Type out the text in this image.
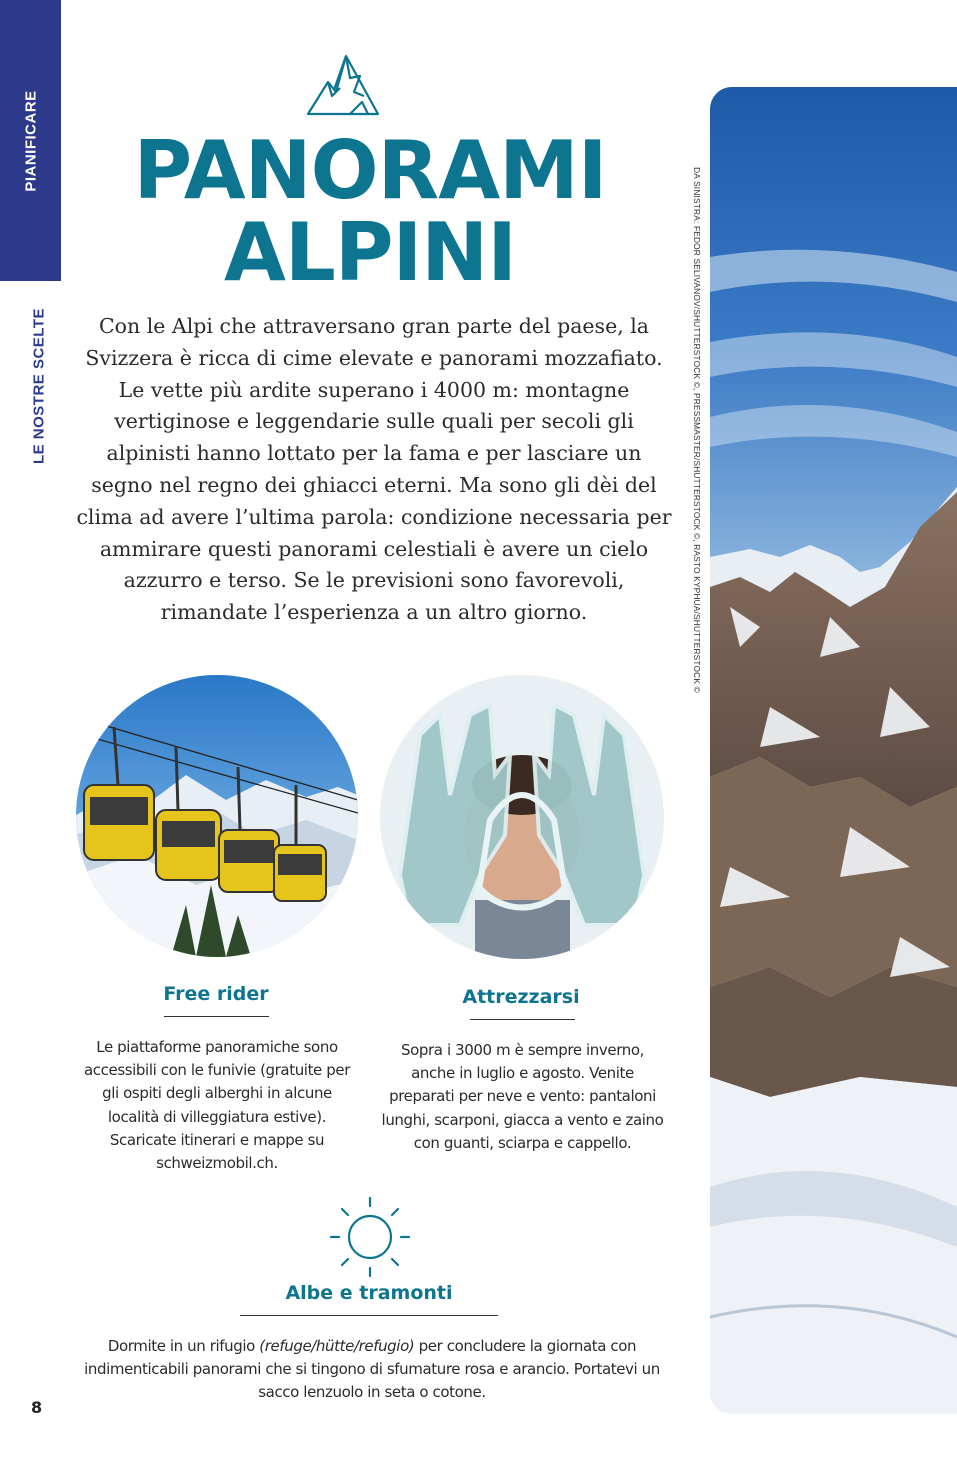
PIANIFICARE
LE NOSTRE SCELTE
PANORAMI ALPINI

Con le Alpi che attraversano gran parte del paese, la Svizzera è ricca di cime elevate e panorami mozzafiato. Le vette più ardite superano i 4000 m: montagne vertiginose e leggendarie sulle quali per secoli gli alpinisti hanno lottato per la fama e per lasciare un segno nel regno dei ghiacci eterni. Ma sono gli dèi del clima ad avere l’ultima parola: condizione necessaria per ammirare questi panorami celestiali è avere un cielo azzurro e terso. Se le previsioni sono favorevoli, rimandate l’esperienza a un altro giorno.

Free rider

Le piattaforme panoramiche sono accessibili con le funivie (gratuite per gli ospiti degli alberghi in alcune località di villeggiatura estive). Scaricate itinerari e mappe su schweizmobil.ch.

Attrezzarsi

Sopra i 3000 m è sempre inverno, anche in luglio e agosto. Venite preparati per neve e vento: pantaloni lunghi, scarponi, giacca a vento e zaino con guanti, sciarpa e cappello.

Albe e tramonti

Dormite in un rifugio (refuge/hütte/refugio) per concludere la giornata con indimenticabili panorami che si tingono di sfumature rosa e arancio. Portatevi un sacco lenzuolo in seta o cotone.

8
DA SINISTRA: FEDOR SELIVANOV/SHUTTERSTOCK ©, PRESSMASTER/SHUTTERSTOCK ©, RASTO KYPHUA/SHUTTERSTOCK ©
